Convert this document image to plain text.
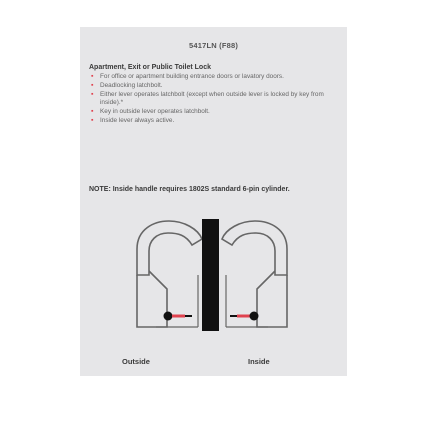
5417LN (F88)
Apartment, Exit or Public Toilet Lock
▪ For office or apartment building entrance doors or lavatory doors.
▪ Deadlocking latchbolt.
▪ Either lever operates latchbolt (except when outside lever is locked by key from inside).*
▪ Key in outside lever operates latchbolt.
▪ Inside lever always active.
NOTE: Inside handle requires 1802S standard 6-pin cylinder.
Outside	Inside
